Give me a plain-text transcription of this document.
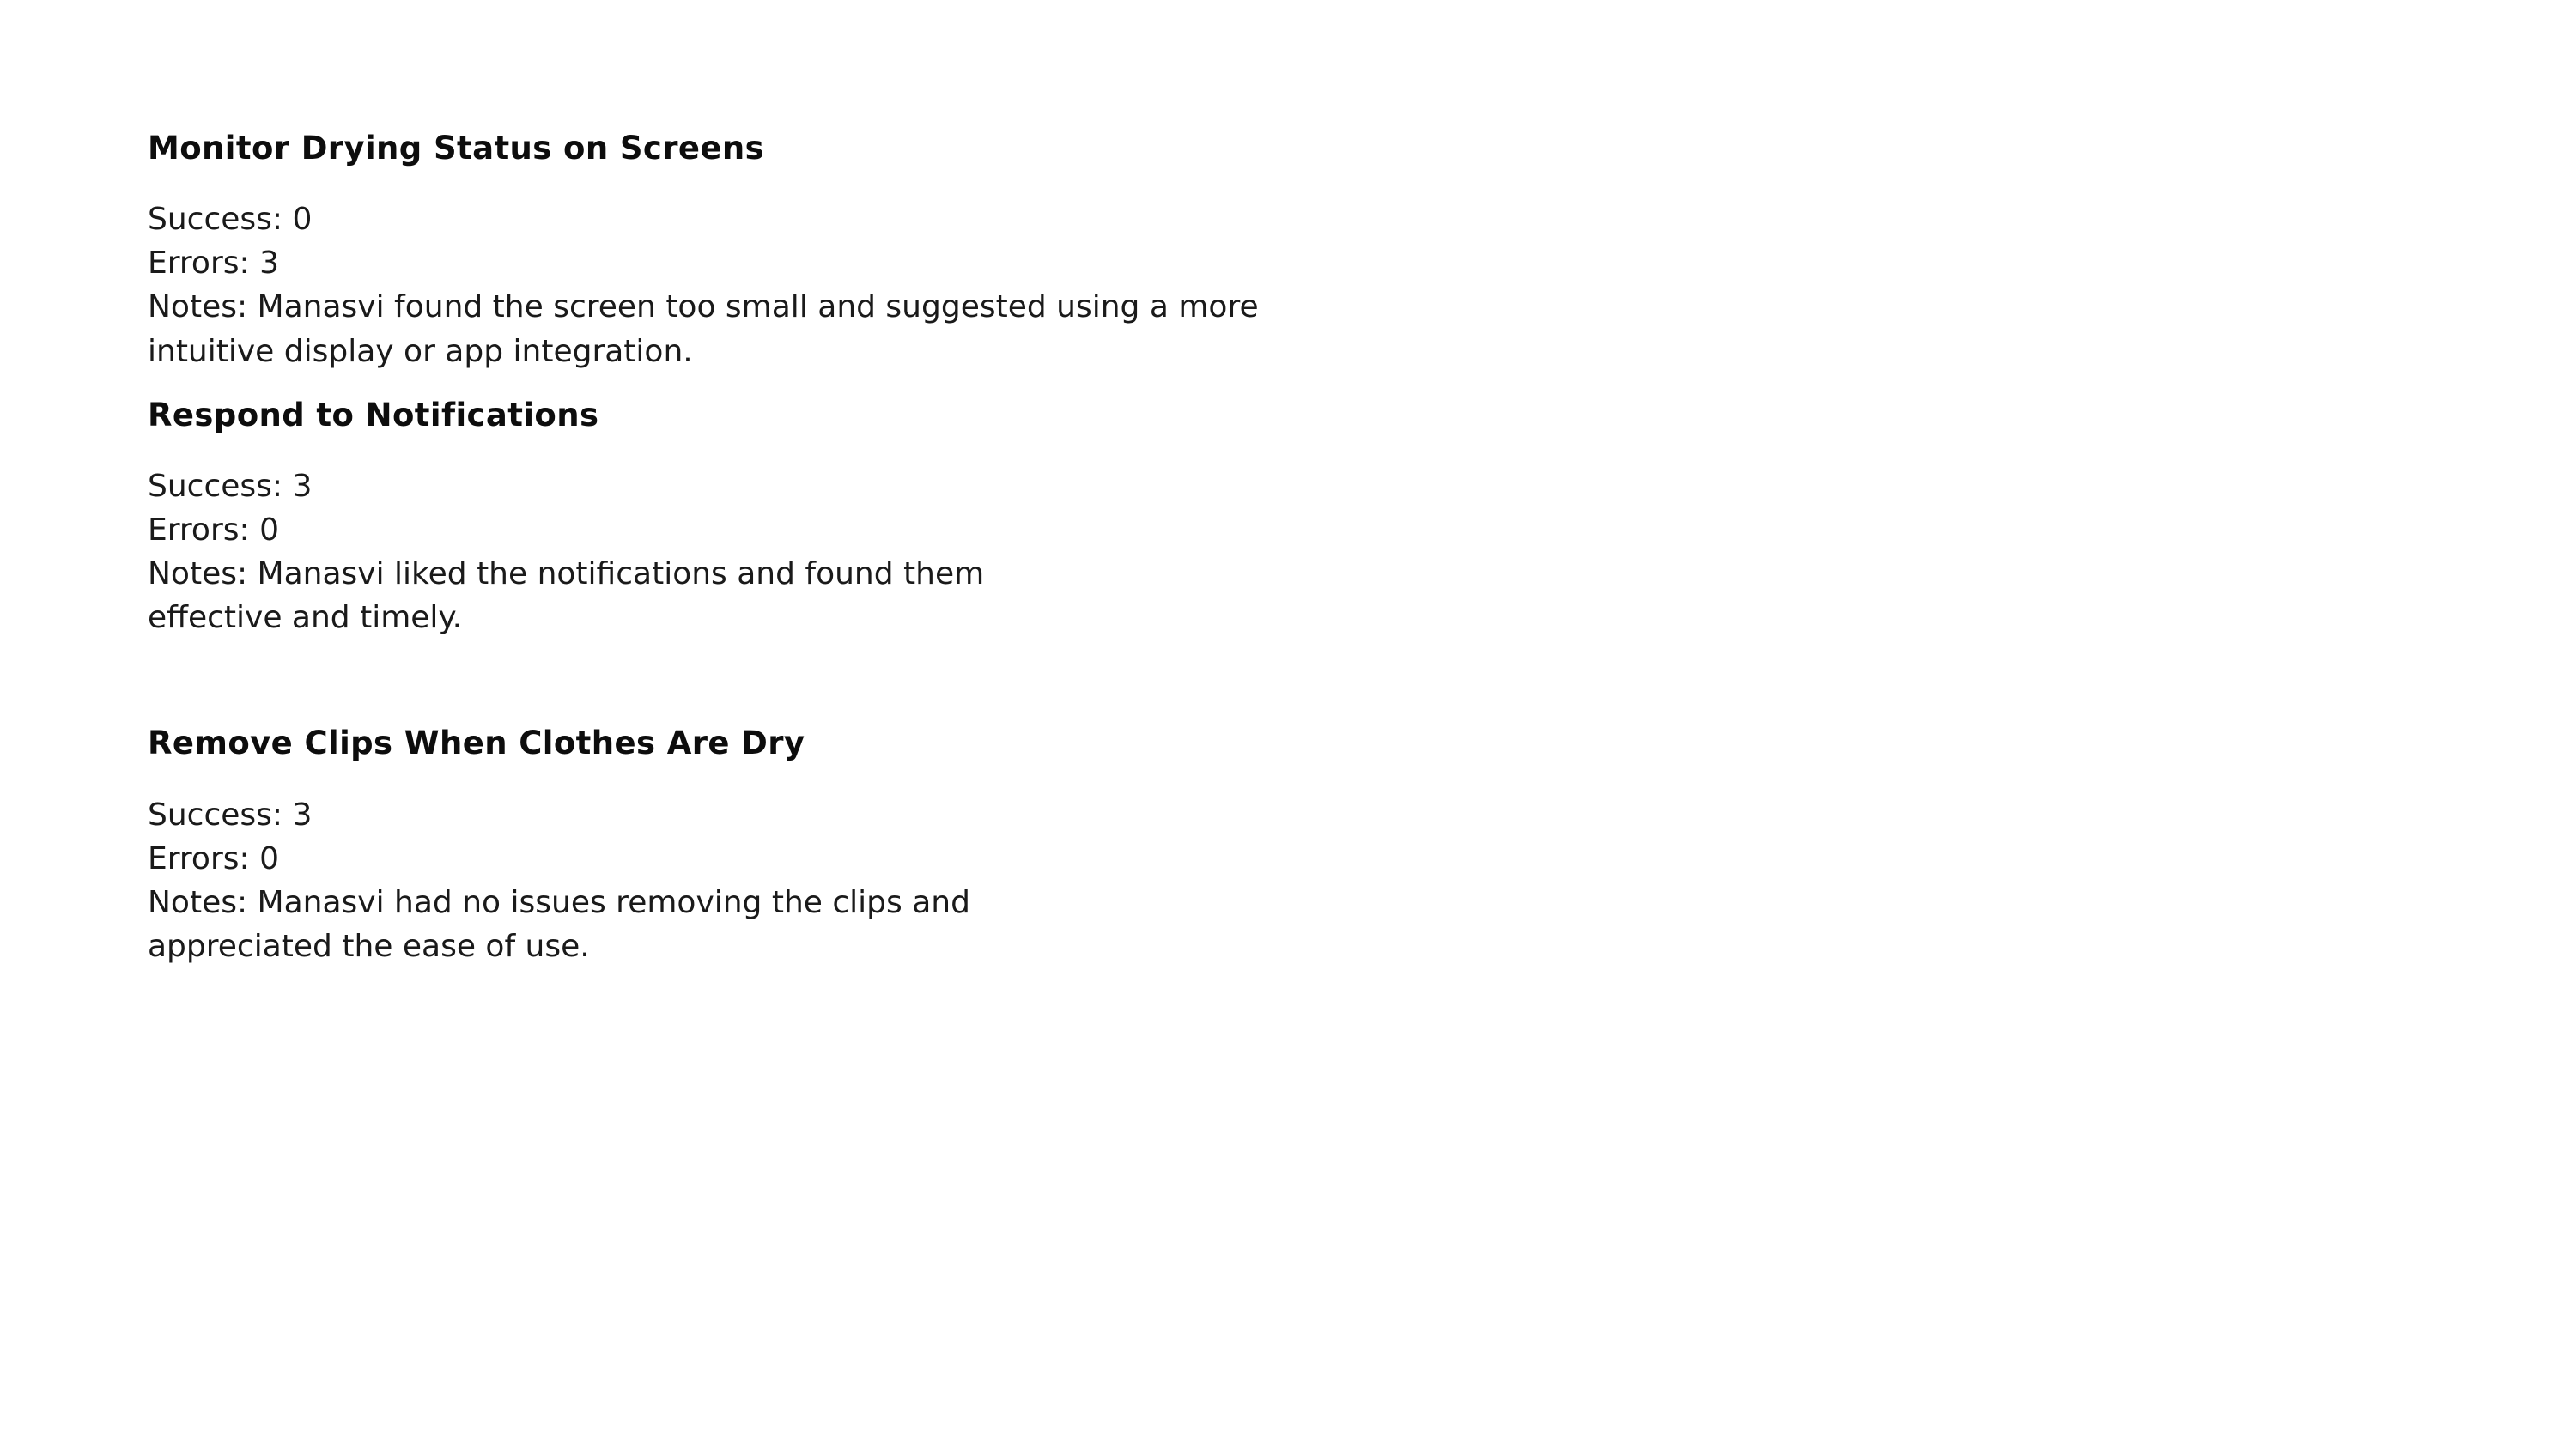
Monitor Drying Status on Screens

Success: 0
Errors: 3
Notes: Manasvi found the screen too small and suggested using a more
intuitive display or app integration.

Respond to Notifications

Success: 3
Errors: 0
Notes: Manasvi liked the notifications and found them
effective and timely.

Remove Clips When Clothes Are Dry

Success: 3
Errors: 0
Notes: Manasvi had no issues removing the clips and
appreciated the ease of use.
